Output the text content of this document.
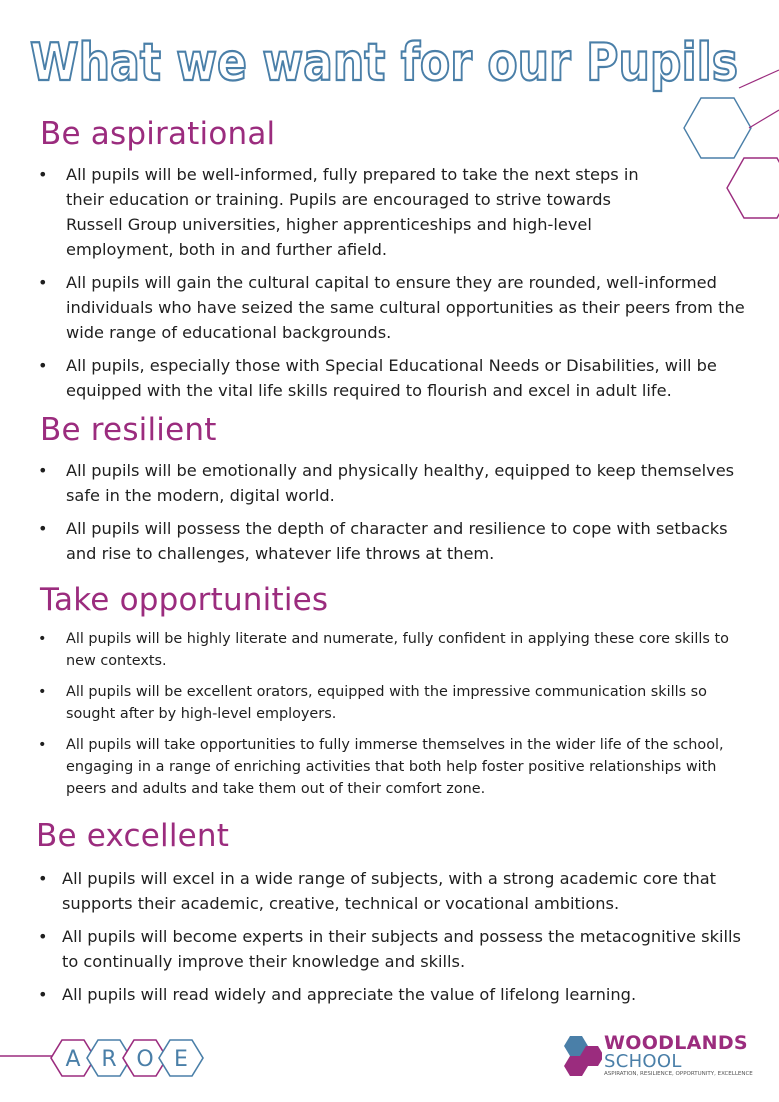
What we want for our Pupils
Be aspirational
• All pupils will be well-informed, fully prepared to take the next steps in their education or training. Pupils are encouraged to strive towards Russell Group universities, higher apprenticeships and high-level employment, both in and further afield.
• All pupils will gain the cultural capital to ensure they are rounded, well-informed individuals who have seized the same cultural opportunities as their peers from the wide range of educational backgrounds.
• All pupils, especially those with Special Educational Needs or Disabilities, will be equipped with the vital life skills required to flourish and excel in adult life.
Be resilient
• All pupils will be emotionally and physically healthy, equipped to keep themselves safe in the modern, digital world.
• All pupils will possess the depth of character and resilience to cope with setbacks and rise to challenges, whatever life throws at them.
Take opportunities
• All pupils will be highly literate and numerate, fully confident in applying these core skills to new contexts.
• All pupils will be excellent orators, equipped with the impressive communication skills so sought after by high-level employers.
• All pupils will take opportunities to fully immerse themselves in the wider life of the school, engaging in a range of enriching activities that both help foster positive relationships with peers and adults and take them out of their comfort zone.
Be excellent
• All pupils will excel in a wide range of subjects, with a strong academic core that supports their academic, creative, technical or vocational ambitions.
• All pupils will become experts in their subjects and possess the metacognitive skills to continually improve their knowledge and skills.
• All pupils will read widely and appreciate the value of lifelong learning.
A R O E
WOODLANDS
SCHOOL
ASPIRATION, RESILIENCE, OPPORTUNITY, EXCELLENCE
